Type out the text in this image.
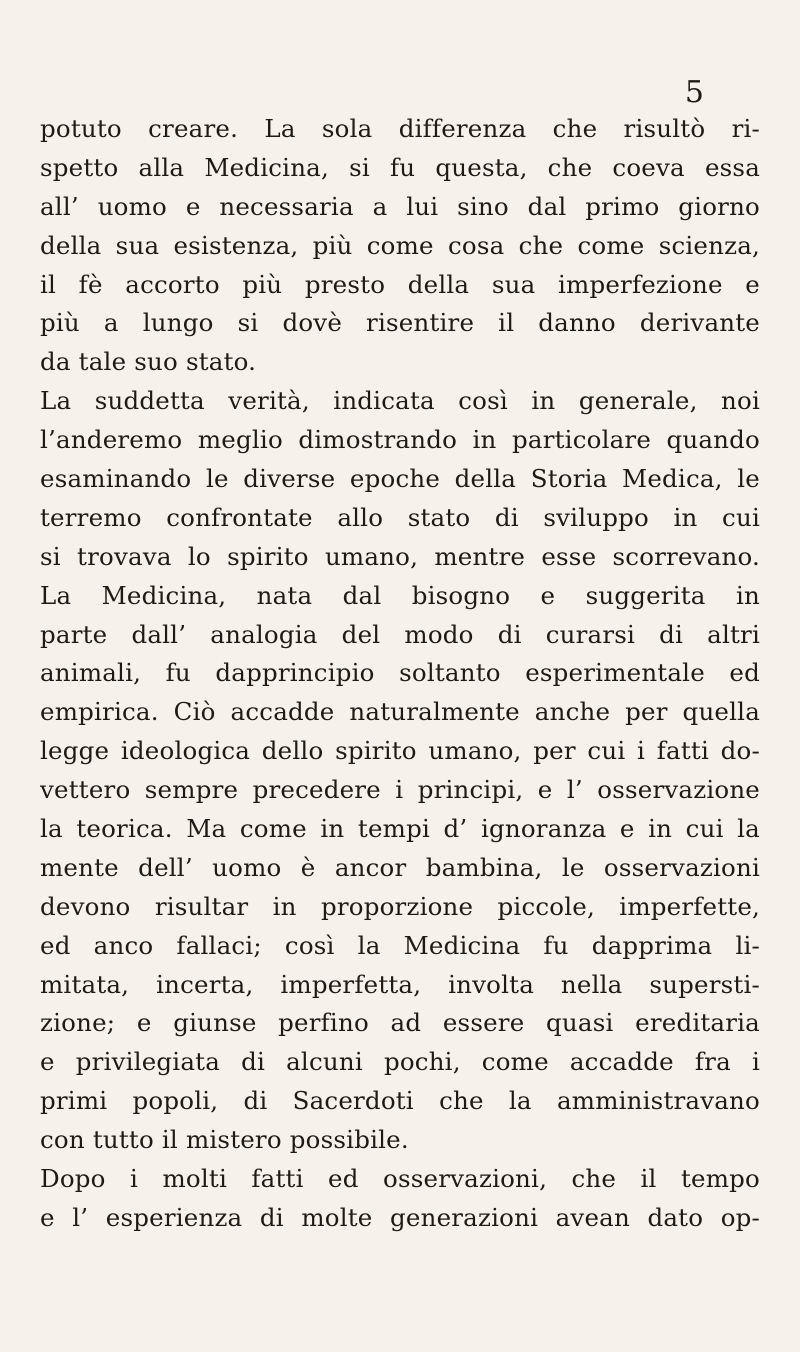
5
potuto creare. La sola differenza che risultò ri-
spetto alla Medicina, si fu questa, che coeva essa
all’ uomo e necessaria a lui sino dal primo giorno
della sua esistenza, più come cosa che come scienza,
il fè accorto più presto della sua imperfezione e
più a lungo si dovè risentire il danno derivante
da tale suo stato.
La suddetta verità, indicata così in generale, noi
l’anderemo meglio dimostrando in particolare quando
esaminando le diverse epoche della Storia Medica, le
terremo confrontate allo stato di sviluppo in cui
si trovava lo spirito umano, mentre esse scorrevano.
La Medicina, nata dal bisogno e suggerita in
parte dall’ analogia del modo di curarsi di altri
animali, fu dapprincipio soltanto esperimentale ed
empirica. Ciò accadde naturalmente anche per quella
legge ideologica dello spirito umano, per cui i fatti do-
vettero sempre precedere i principi, e l’ osservazione
la teorica. Ma come in tempi d’ ignoranza e in cui la
mente dell’ uomo è ancor bambina, le osservazioni
devono risultar in proporzione piccole, imperfette,
ed anco fallaci; così la Medicina fu dapprima li-
mitata, incerta, imperfetta, involta nella supersti-
zione; e giunse perfino ad essere quasi ereditaria
e privilegiata di alcuni pochi, come accadde fra i
primi popoli, di Sacerdoti che la amministravano
con tutto il mistero possibile.
Dopo i molti fatti ed osservazioni, che il tempo
e l’ esperienza di molte generazioni avean dato op-
